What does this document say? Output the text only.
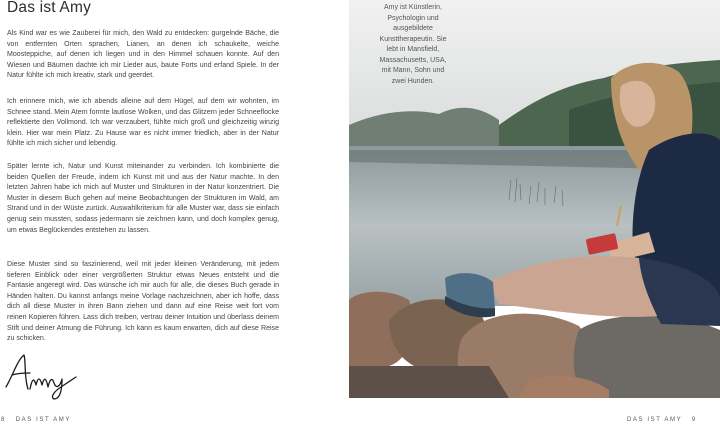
Das ist Amy

Als Kind war es wie Zauberei für mich, den Wald zu entdecken: gurgelnde Bäche, die von entfernten Orten sprachen, Lianen, an denen ich schaukelte, weiche Moosteppiche, auf denen ich liegen und in den Himmel schauen konnte. Auf den Wiesen und Bäumen dachte ich mir Lieder aus, baute Forts und erfand Spiele. In der Natur fühlte ich mich kreativ, stark und geerdet.

Ich erinnere mich, wie ich abends alleine auf dem Hügel, auf dem wir wohnten, im Schnee stand. Mein Atem formte lautlose Wolken, und das Glitzern jeder Schneeflocke reflektierte den Vollmond. Ich war verzaubert, fühlte mich groß und gleichzeitig winzig klein. Hier war mein Platz. Zu Hause war es nicht immer friedlich, aber in der Natur fühlte ich mich sicher und lebendig.

Später lernte ich, Natur und Kunst miteinander zu verbinden. Ich kombinierte die beiden Quellen der Freude, indem ich Kunst mit und aus der Natur machte. In den letzten Jahren habe ich mich auf Muster und Strukturen in der Natur konzentriert. Die Muster in diesem Buch gehen auf meine Beobachtungen der Strukturen im Wald, am Strand und in der Wüste zurück. Auswahlkriterium für alle Muster war, dass sie einfach genug sein mussten, sodass jedermann sie zeichnen kann, und doch komplex genug, um etwas Beglückendes entstehen zu lassen.

Diese Muster sind so faszinierend, weil mit jeder kleinen Veränderung, mit jedem tieferen Einblick oder einer vergrößerten Struktur etwas Neues entsteht und die Fantasie angeregt wird. Das wünsche ich mir auch für alle, die dieses Buch gerade in Händen halten. Du kannst anfangs meine Vorlage nachzeichnen, aber ich hoffe, dass dich all diese Muster in ihren Bann ziehen und dann auf eine Reise weit fort vom reinen Kopieren führen. Lass dich treiben, vertrau deiner Intuition und überlass deinem Stift und deiner Atmung die Führung. Ich kann es kaum erwarten, dich auf diese Reise zu schicken.

8 DAS IST AMY
Amy ist Künstlerin, Psychologin und ausgebildete Kunsttherapeutin. Sie lebt in Mansfield, Massachusetts, USA, mit Mann, Sohn und zwei Hunden.
DAS IST AMY 9
